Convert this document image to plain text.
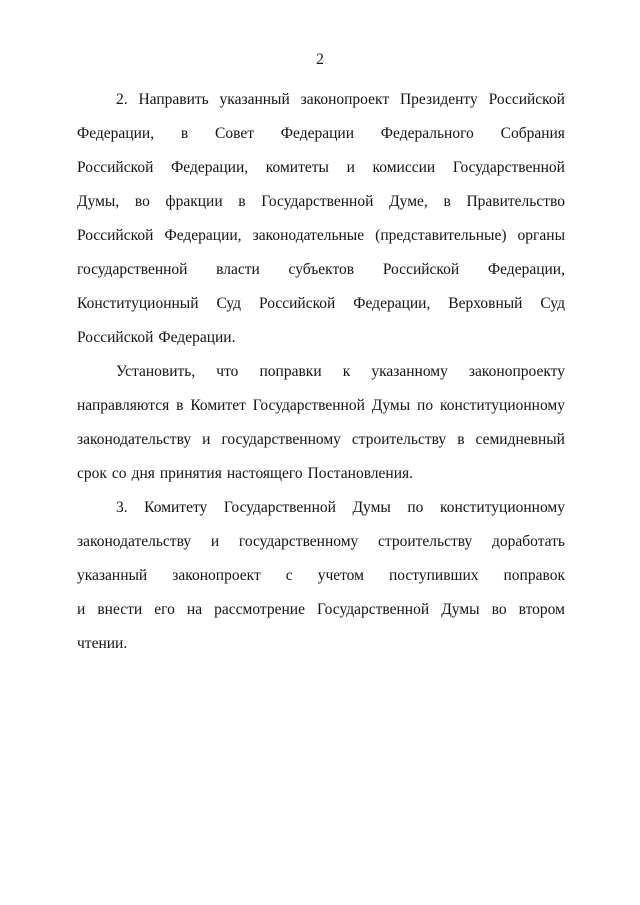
2
2. Направить указанный законопроект Президенту Российской
Федерации, в Совет Федерации Федерального Собрания
Российской Федерации, комитеты и комиссии Государственной
Думы, во фракции в Государственной Думе, в Правительство
Российской Федерации, законодательные (представительные) органы
государственной власти субъектов Российской Федерации,
Конституционный Суд Российской Федерации, Верховный Суд
Российской Федерации.
Установить, что поправки к указанному законопроекту
направляются в Комитет Государственной Думы по конституционному
законодательству и государственному строительству в семидневный
срок со дня принятия настоящего Постановления.
3. Комитету Государственной Думы по конституционному
законодательству и государственному строительству доработать
указанный законопроект с учетом поступивших поправок
и внести его на рассмотрение Государственной Думы во втором
чтении.
